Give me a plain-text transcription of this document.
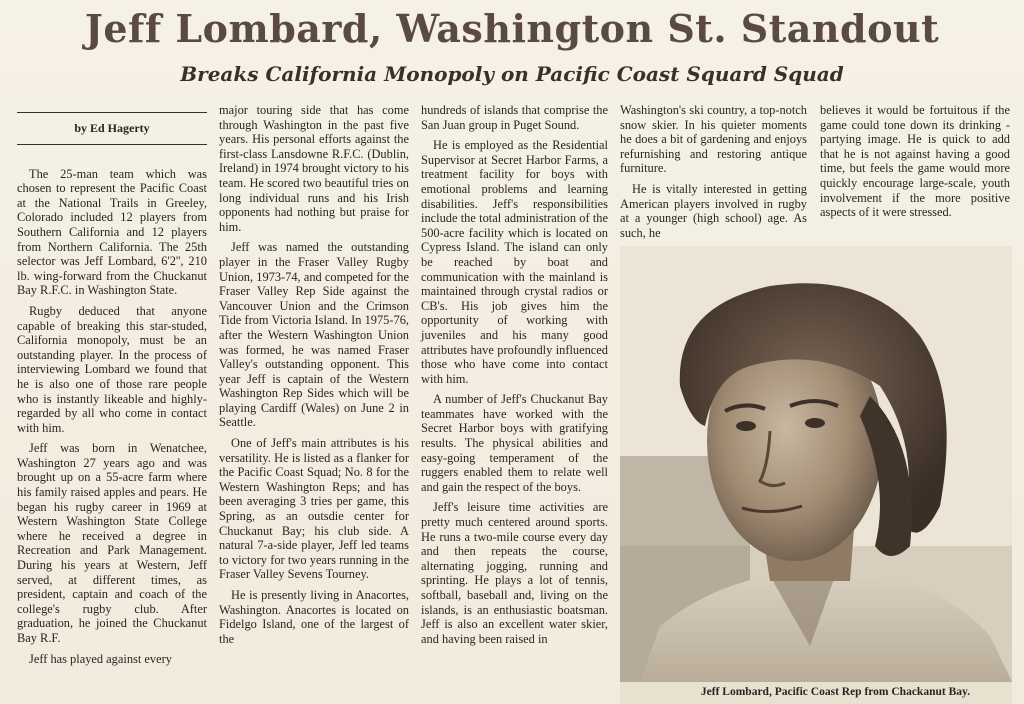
Jeff Lombard, Washington St. Standout
Breaks California Monopoly on Pacific Coast Squard Squad
by Ed Hagerty

The 25-man team which was chosen to represent the Pacific Coast at the National Trails in Greeley, Colorado included 12 players from Southern California and 12 players from Northern California. The 25th selector was Jeff Lombard, 6'2'', 210 lb. wing-forward from the Chuckanut Bay R.F.C. in Washington State.

Rugby deduced that anyone capable of breaking this star-studed, California monopoly, must be an outstanding player. In the process of interviewing Lombard we found that he is also one of those rare people who is instantly likeable and highly-regarded by all who come in contact with him.

Jeff was born in Wenatchee, Washington 27 years ago and was brought up on a 55-acre farm where his family raised apples and pears. He began his rugby career in 1969 at Western Washington State College where he received a degree in Recreation and Park Management. During his years at Western, Jeff served, at different times, as president, captain and coach of the college's rugby club. After graduation, he joined the Chuckanut Bay R.F.

Jeff has played against every

major touring side that has come through Washington in the past five years. His personal efforts against the first-class Lansdowne R.F.C. (Dublin, Ireland) in 1974 brought victory to his team. He scored two beautiful tries on long individual runs and his Irish opponents had nothing but praise for him.

Jeff was named the outstanding player in the Fraser Valley Rugby Union, 1973-74, and competed for the Fraser Valley Rep Side against the Vancouver Union and the Crimson Tide from Victoria Island. In 1975-76, after the Western Washington Union was formed, he was named Fraser Valley's outstanding opponent. This year Jeff is captain of the Western Washington Rep Sides which will be playing Cardiff (Wales) on June 2 in Seattle.

One of Jeff's main attributes is his versatility. He is listed as a flanker for the Pacific Coast Squad; No. 8 for the Western Washington Reps; and has been averaging 3 tries per game, this Spring, as an outsdie center for Chuckanut Bay; his club side. A natural 7-a-side player, Jeff led teams to victory for two years running in the Fraser Valley Sevens Tourney.

He is presently living in Anacortes, Washington. Anacortes is located on Fidelgo Island, one of the largest of the

hundreds of islands that comprise the San Juan group in Puget Sound.

He is employed as the Residential Supervisor at Secret Harbor Farms, a treatment facility for boys with emotional problems and learning disabilities. Jeff's responsibilities include the total administration of the 500-acre facility which is located on Cypress Island. The island can only be reached by boat and communication with the mainland is maintained through crystal radios or CB's. His job gives him the opportunity of working with juveniles and his many good attributes have profoundly influenced those who have come into contact with him.

A number of Jeff's Chuckanut Bay teammates have worked with the Secret Harbor boys with gratifying results. The physical abilities and easy-going temperament of the ruggers enabled them to relate well and gain the respect of the boys.

Jeff's leisure time activities are pretty much centered around sports. He runs a two-mile course every day and then repeats the course, alternating jogging, running and sprinting. He plays a lot of tennis, softball, baseball and, living on the islands, is an enthusiastic boatsman. Jeff is also an excellent water skier, and having been raised in

Washington's ski country, a top-notch snow skier. In his quieter moments he does a bit of gardening and enjoys refurnishing and restoring antique furniture.

He is vitally interested in getting American players involved in rugby at a younger (high school) age. As such, he

believes it would be fortuitous if the game could tone down its drinking - partying image. He is quick to add that he is not against having a good time, but feels the game would more quickly encourage large-scale, youth involvement if the more positive aspects of it were stressed.

Jeff Lombard, Pacific Coast Rep from Chackanut Bay.
